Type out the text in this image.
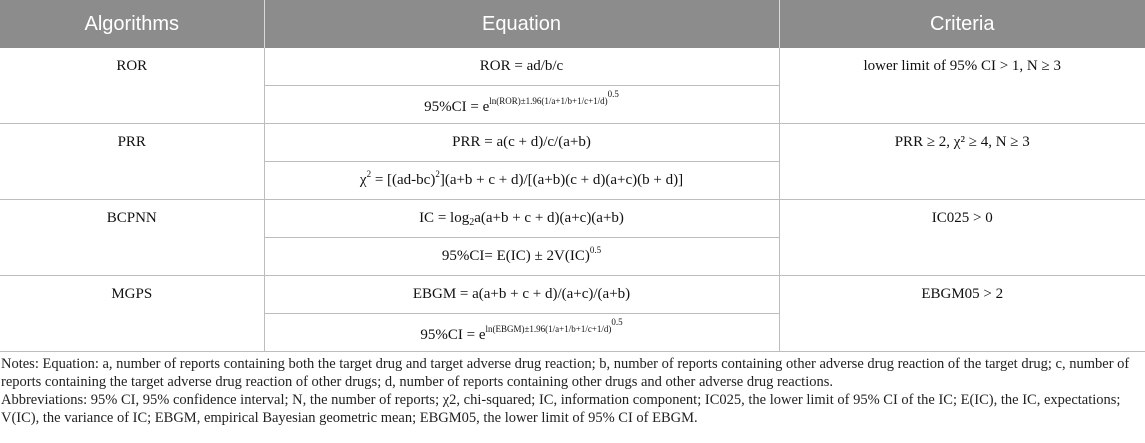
Algorithms	Equation	Criteria
ROR	ROR = ad/b/c	lower limit of 95% CI > 1, N ≥ 3
	$95\%CI = e^{ln(ROR)\pm 1.96(1/a+1/b+1/c+1/d)^{0.5}}$
PRR	PRR = a(c + d)/c/(a+b)	PRR ≥ 2, χ² ≥ 4, N ≥ 3
	$\chi^2 = [(ad-bc)^2](a+b + c + d)/[(a+b)(c + d)(a+c)(b + d)]$	
BCPNN	IC = $\log_2a(a+b + c + d)(a+c)(a+b)$	IC025 > 0
	95%CI= E(IC) ± 2V(IC)$^{0.5}$
MGPS	EBGM = a(a+b + c + d)/(a+c)/(a+b)	EBGM05 > 2
	$95\%CI = e^{ln(EBGM)\pm 1.96(1/a+1/b+1/c+1/d)^{0.5}}$

Notes: Equation: a, number of reports containing both the target drug and target adverse drug reaction; b, number of reports containing other adverse drug reaction of the target drug; c, number of reports containing the target adverse drug reaction of other drugs; d, number of reports containing other drugs and other adverse drug reactions.

Abbreviations: 95% CI, 95% confidence interval; N, the number of reports; χ2, chi-squared; IC, information component; IC025, the lower limit of 95% CI of the IC; E(IC), the IC, expectations; V(IC), the variance of IC; EBGM, empirical Bayesian geometric mean; EBGM05, the lower limit of 95% CI of EBGM.
